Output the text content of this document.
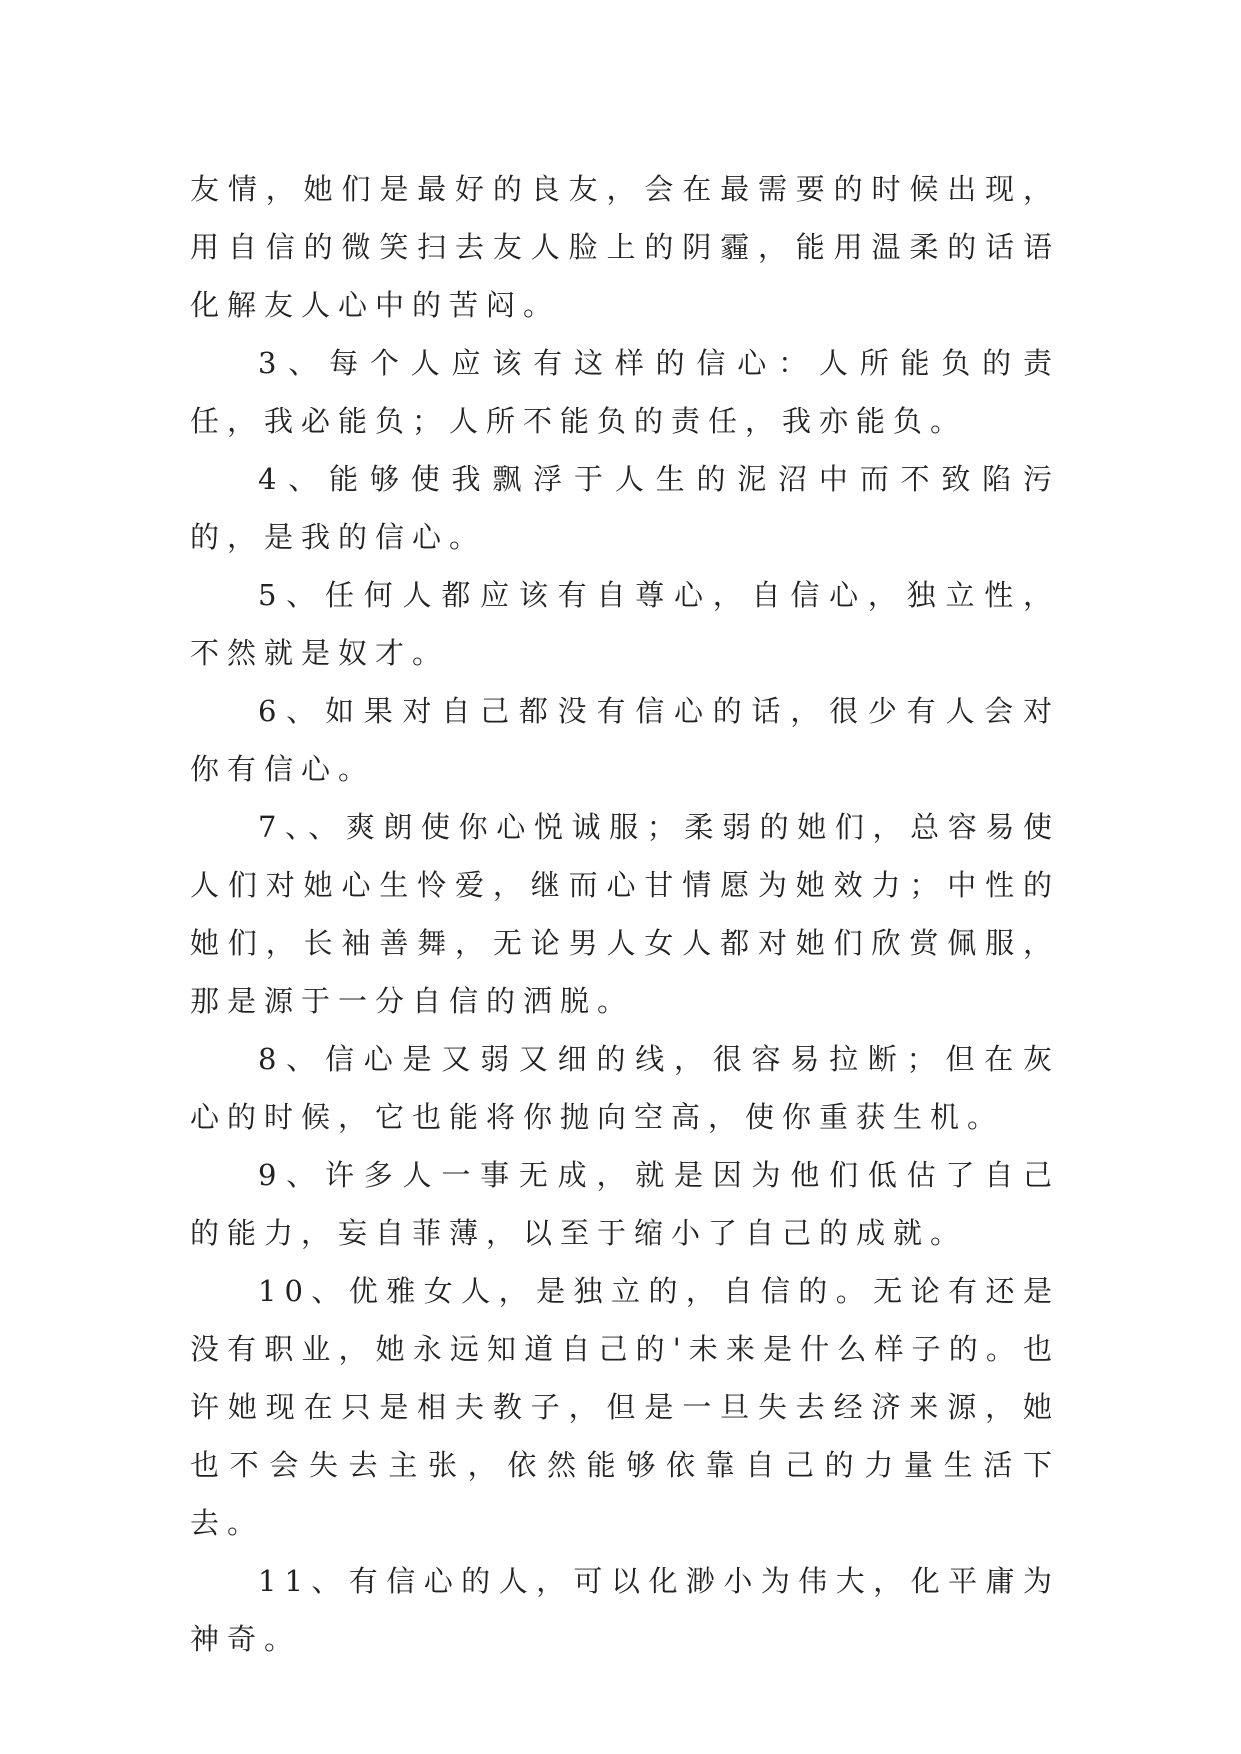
友情，她们是最好的良友，会在最需要的时候出现，用自信的微笑扫去友人脸上的阴霾，能用温柔的话语化解友人心中的苦闷。

3、每个人应该有这样的信心：人所能负的责任，我必能负；人所不能负的责任，我亦能负。

4、能够使我飘浮于人生的泥沼中而不致陷污的，是我的信心。

5、任何人都应该有自尊心，自信心，独立性，不然就是奴才。

6、如果对自己都没有信心的话，很少有人会对你有信心。

7、、爽朗使你心悦诚服；柔弱的她们，总容易使人们对她心生怜爱，继而心甘情愿为她效力；中性的她们，长袖善舞，无论男人女人都对她们欣赏佩服，那是源于一分自信的洒脱。

8、信心是又弱又细的线，很容易拉断；但在灰心的时候，它也能将你抛向空高，使你重获生机。

9、许多人一事无成，就是因为他们低估了自己的能力，妄自菲薄，以至于缩小了自己的成就。

10、优雅女人，是独立的，自信的。无论有还是没有职业，她永远知道自己的'未来是什么样子的。也许她现在只是相夫教子，但是一旦失去经济来源，她也不会失去主张，依然能够依靠自己的力量生活下去。

11、有信心的人，可以化渺小为伟大，化平庸为神奇。
